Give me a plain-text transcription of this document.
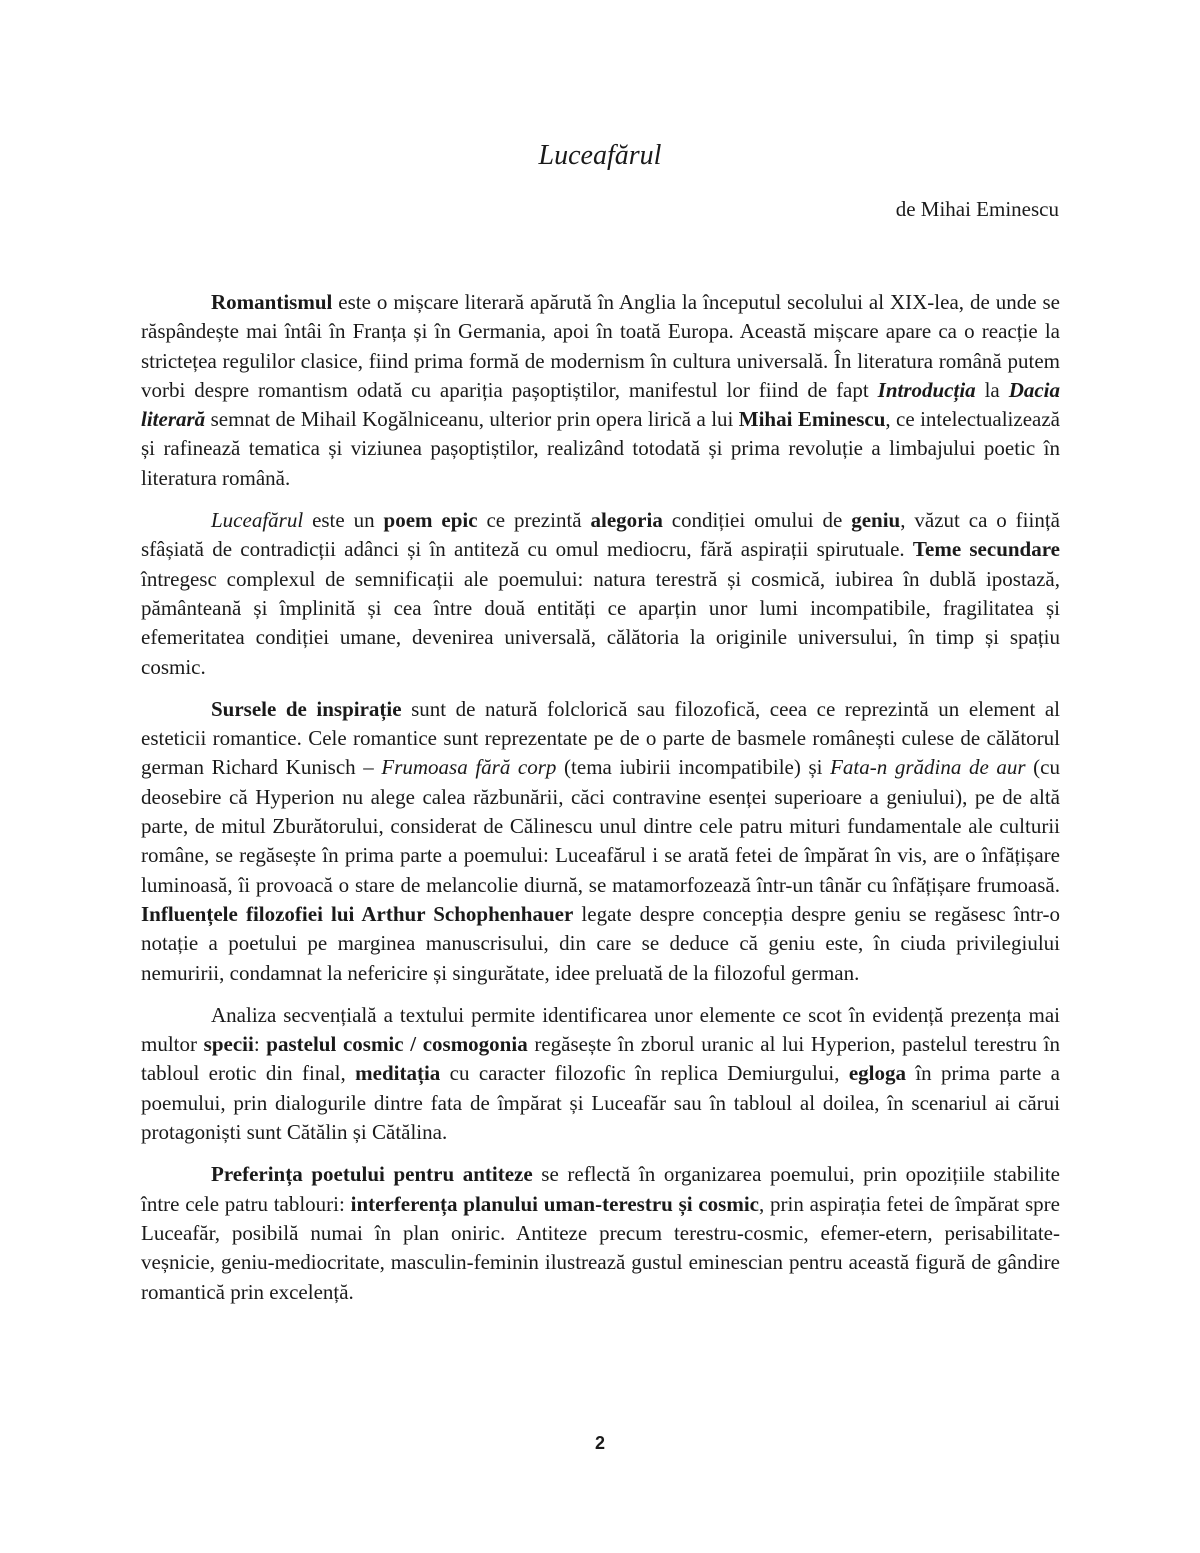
Luceafărul
de Mihai Eminescu

Romantismul este o mișcare literară apărută în Anglia la începutul secolului al XIX-lea, de unde se răspândește mai întâi în Franța și în Germania, apoi în toată Europa. Această mișcare apare ca o reacție la strictețea regulilor clasice, fiind prima formă de modernism în cultura universală. În literatura română putem vorbi despre romantism odată cu apariția pașoptiștilor, manifestul lor fiind de fapt Introducția la Dacia literară semnat de Mihail Kogălniceanu, ulterior prin opera lirică a lui Mihai Eminescu, ce intelectualizează și rafinează tematica și viziunea pașoptiștilor, realizând totodată și prima revoluție a limbajului poetic în literatura română.

Luceafărul este un poem epic ce prezintă alegoria condiției omului de geniu, văzut ca o ființă sfâșiată de contradicții adânci și în antiteză cu omul mediocru, fără aspirații spirutuale. Teme secundare întregesc complexul de semnificații ale poemului: natura terestră și cosmică, iubirea în dublă ipostază, pământeană și împlinită și cea între două entități ce aparțin unor lumi incompatibile, fragilitatea și efemeritatea condiției umane, devenirea universală, călătoria la originile universului, în timp și spațiu cosmic.

Sursele de inspirație sunt de natură folclorică sau filozofică, ceea ce reprezintă un element al esteticii romantice. Cele romantice sunt reprezentate pe de o parte de basmele românești culese de călătorul german Richard Kunisch – Frumoasa fără corp (tema iubirii incompatibile) și Fata-n grădina de aur (cu deosebire că Hyperion nu alege calea răzbunării, căci contravine esenței superioare a geniului), pe de altă parte, de mitul Zburătorului, considerat de Călinescu unul dintre cele patru mituri fundamentale ale culturii române, se regăsește în prima parte a poemului: Luceafărul i se arată fetei de împărat în vis, are o înfățișare luminoasă, îi provoacă o stare de melancolie diurnă, se matamorfozează într-un tânăr cu înfățișare frumoasă. Influențele filozofiei lui Arthur Schophenhauer legate despre concepția despre geniu se regăsesc într-o notație a poetului pe marginea manuscrisului, din care se deduce că geniu este, în ciuda privilegiului nemuririi, condamnat la nefericire și singurătate, idee preluată de la filozoful german.

Analiza secvențială a textului permite identificarea unor elemente ce scot în evidență prezența mai multor specii: pastelul cosmic / cosmogonia regăsește în zborul uranic al lui Hyperion, pastelul terestru în tabloul erotic din final, meditația cu caracter filozofic în replica Demiurgului, egloga în prima parte a poemului, prin dialogurile dintre fata de împărat și Luceafăr sau în tabloul al doilea, în scenariul ai cărui protagoniști sunt Cătălin și Cătălina.

Preferința poetului pentru antiteze se reflectă în organizarea poemului, prin opozițiile stabilite între cele patru tablouri: interferența planului uman-terestru și cosmic, prin aspirația fetei de împărat spre Luceafăr, posibilă numai în plan oniric. Antiteze precum terestru-cosmic, efemer-etern, perisabilitate-veșnicie, geniu-mediocritate, masculin-feminin ilustrează gustul eminescian pentru această figură de gândire romantică prin excelență.

2
